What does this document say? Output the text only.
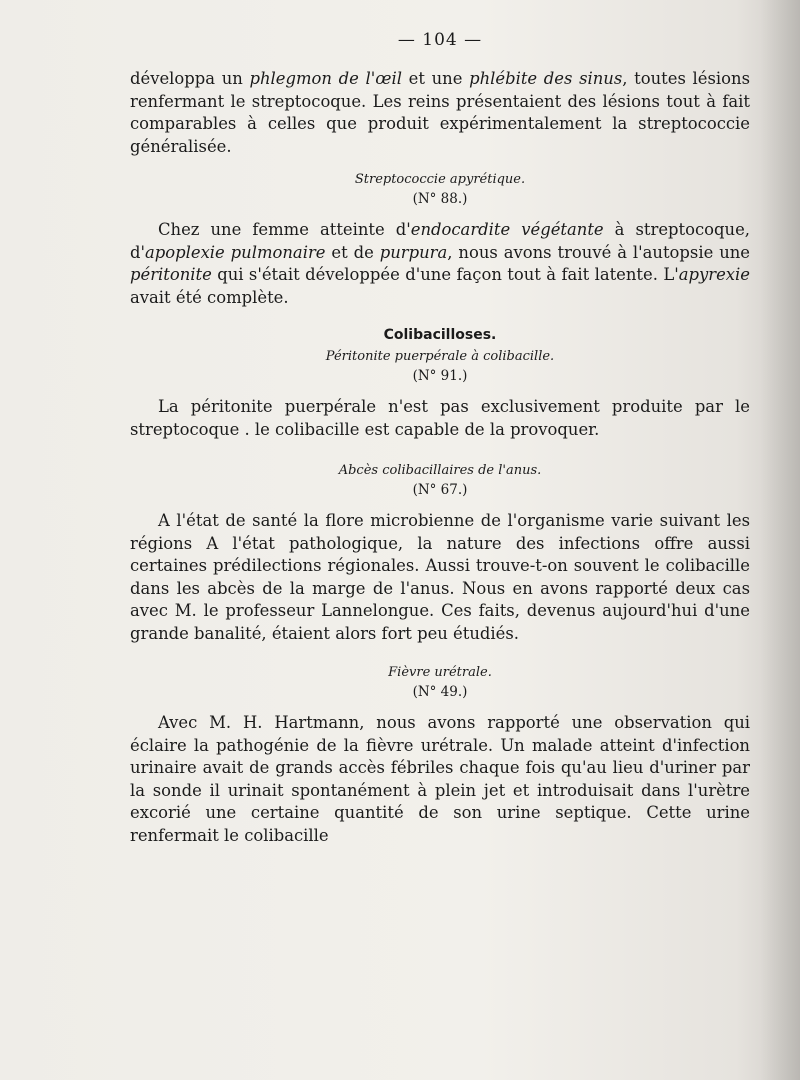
— 104 —

développa un phlegmon de l'œil et une phlébite des sinus, toutes lésions renfermant le streptocoque. Les reins présentaient des lésions tout à fait comparables à celles que produit expérimentalement la streptococcie généralisée.

Streptococcie apyrétique.
(N° 88.)

Chez une femme atteinte d'endocardite végétante à streptocoque, d'apoplexie pulmonaire et de purpura, nous avons trouvé à l'autopsie une péritonite qui s'était développée d'une façon tout à fait latente. L'apyrexie avait été complète.

Colibacilloses.
Péritonite puerpérale à colibacille.
(N° 91.)

La péritonite puerpérale n'est pas exclusivement produite par le streptocoque . le colibacille est capable de la provoquer.

Abcès colibacillaires de l'anus.
(N° 67.)

A l'état de santé la flore microbienne de l'organisme varie suivant les régions A l'état pathologique, la nature des infections offre aussi certaines prédilections régionales. Aussi trouve-t-on souvent le colibacille dans les abcès de la marge de l'anus. Nous en avons rapporté deux cas avec M. le professeur Lannelongue. Ces faits, devenus aujourd'hui d'une grande banalité, étaient alors fort peu étudiés.

Fièvre urétrale.
(N° 49.)

Avec M. H. Hartmann, nous avons rapporté une observation qui éclaire la pathogénie de la fièvre urétrale. Un malade atteint d'infection urinaire avait de grands accès fébriles chaque fois qu'au lieu d'uriner par la sonde il urinait spontanément à plein jet et introduisait dans l'urètre excorié une certaine quantité de son urine septique. Cette urine renfermait le colibacille
